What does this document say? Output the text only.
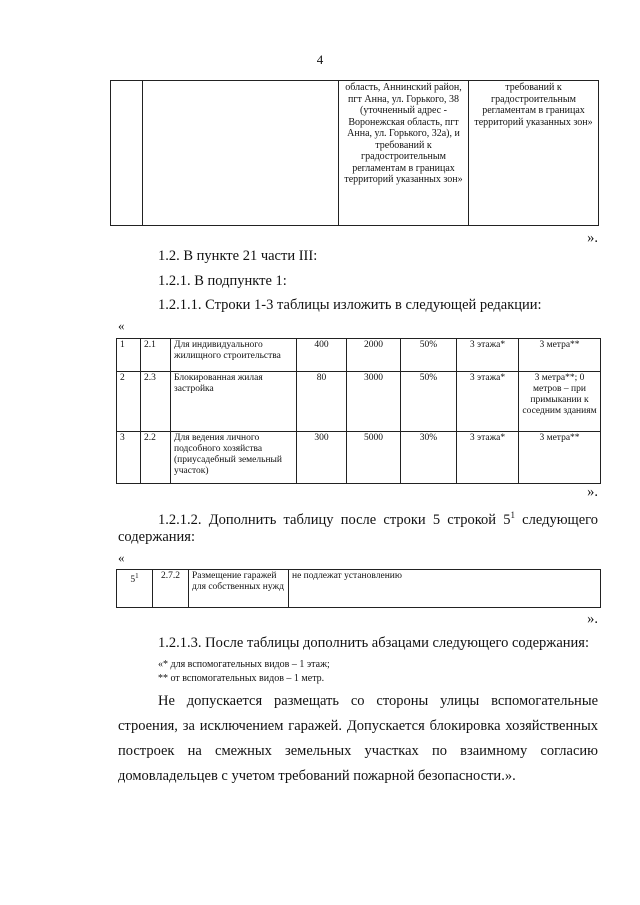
4
		область, Аннинский район, пгт Анна, ул. Горького, 38 (уточненный адрес - Воронежская область, пгт Анна, ул. Горького, 32а), и требований к градостроительным регламентам в границах территорий указанных зон»	требований к градостроительным регламентам в границах территорий указанных зон»
».
1.2. В пункте 21 части III:
1.2.1. В подпункте 1:
1.2.1.1. Строки 1-3 таблицы изложить в следующей редакции:
«
1	2.1	Для индивидуального жилищного строительства	400	2000	50%	3 этажа*	3 метра**
2	2.3	Блокированная жилая застройка	80	3000	50%	3 этажа*	3 метра**; 0 метров – при примыкании к соседним зданиям
3	2.2	Для ведения личного подсобного хозяйства (приусадебный земельный участок)	300	5000	30%	3 этажа*	3 метра**
».
1.2.1.2. Дополнить таблицу после строки 5 строкой $5^1$ следующего
содержания:
«
$5^1$	2.7.2	Размещение гаражей для собственных нужд	не подлежат установлению
».
1.2.1.3. После таблицы дополнить абзацами следующего содержания:
«* для вспомогательных видов – 1 этаж;
** от вспомогательных видов – 1 метр.
Не допускается размещать со стороны улицы вспомогательные
строения, за исключением гаражей. Допускается блокировка хозяйственных
построек на смежных земельных участках по взаимному согласию
домовладельцев с учетом требований пожарной безопасности.».
